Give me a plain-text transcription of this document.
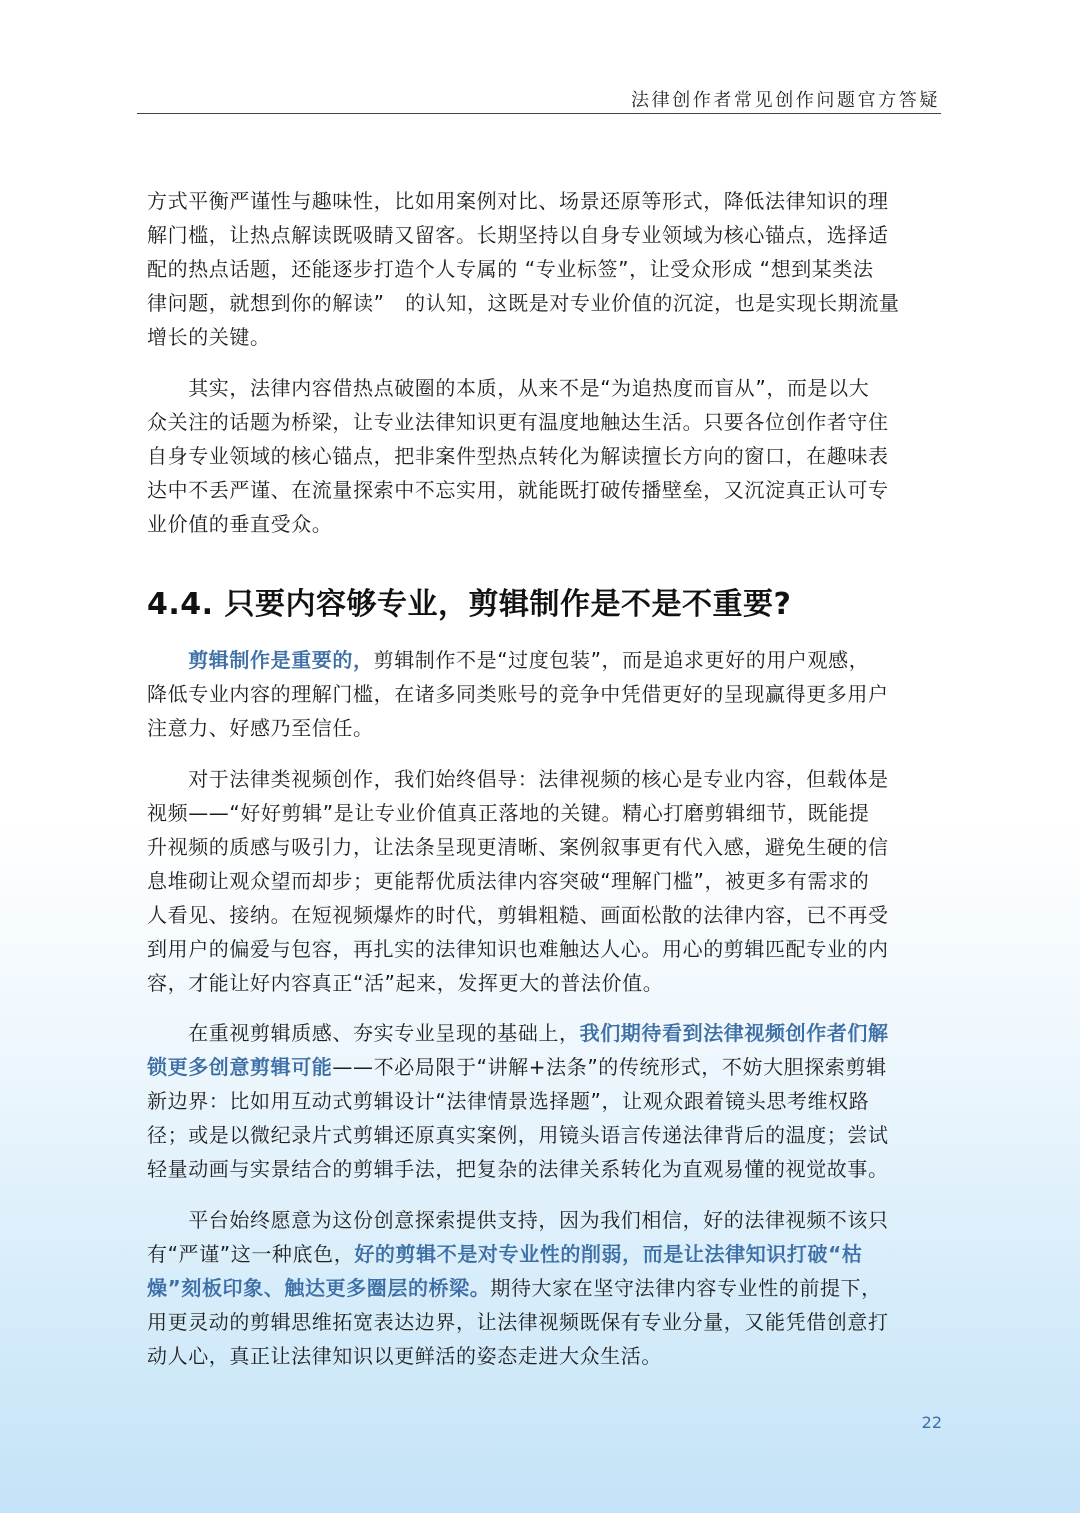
法律创作者常见创作问题官方答疑

方式平衡严谨性与趣味性，比如用案例对比、场景还原等形式，降低法律知识的理
解门槛，让热点解读既吸睛又留客。长期坚持以自身专业领域为核心锚点，选择适
配的热点话题，还能逐步打造个人专属的 “专业标签”，让受众形成 “想到某类法
律问题，就想到你的解读”　的认知，这既是对专业价值的沉淀，也是实现长期流量
增长的关键。

　　其实，法律内容借热点破圈的本质，从来不是“为追热度而盲从”，而是以大
众关注的话题为桥梁，让专业法律知识更有温度地触达生活。只要各位创作者守住
自身专业领域的核心锚点，把非案件型热点转化为解读擅长方向的窗口，在趣味表
达中不丢严谨、在流量探索中不忘实用，就能既打破传播壁垒，又沉淀真正认可专
业价值的垂直受众。

4.4. 只要内容够专业，剪辑制作是不是不重要?

　　剪辑制作是重要的，剪辑制作不是“过度包装”，而是追求更好的用户观感，
降低专业内容的理解门槛，在诸多同类账号的竞争中凭借更好的呈现赢得更多用户
注意力、好感乃至信任。

　　对于法律类视频创作，我们始终倡导：法律视频的核心是专业内容，但载体是
视频——“好好剪辑”是让专业价值真正落地的关键。精心打磨剪辑细节，既能提
升视频的质感与吸引力，让法条呈现更清晰、案例叙事更有代入感，避免生硬的信
息堆砌让观众望而却步；更能帮优质法律内容突破“理解门槛”，被更多有需求的
人看见、接纳。在短视频爆炸的时代，剪辑粗糙、画面松散的法律内容，已不再受
到用户的偏爱与包容，再扎实的法律知识也难触达人心。用心的剪辑匹配专业的内
容，才能让好内容真正“活”起来，发挥更大的普法价值。

　　在重视剪辑质感、夯实专业呈现的基础上，我们期待看到法律视频创作者们解
锁更多创意剪辑可能——不必局限于“讲解+法条”的传统形式，不妨大胆探索剪辑
新边界：比如用互动式剪辑设计“法律情景选择题”，让观众跟着镜头思考维权路
径；或是以微纪录片式剪辑还原真实案例，用镜头语言传递法律背后的温度；尝试
轻量动画与实景结合的剪辑手法，把复杂的法律关系转化为直观易懂的视觉故事。

　　平台始终愿意为这份创意探索提供支持，因为我们相信，好的法律视频不该只
有“严谨”这一种底色，好的剪辑不是对专业性的削弱，而是让法律知识打破“枯
燥”刻板印象、触达更多圈层的桥梁。期待大家在坚守法律内容专业性的前提下，
用更灵动的剪辑思维拓宽表达边界，让法律视频既保有专业分量，又能凭借创意打
动人心，真正让法律知识以更鲜活的姿态走进大众生活。

22
